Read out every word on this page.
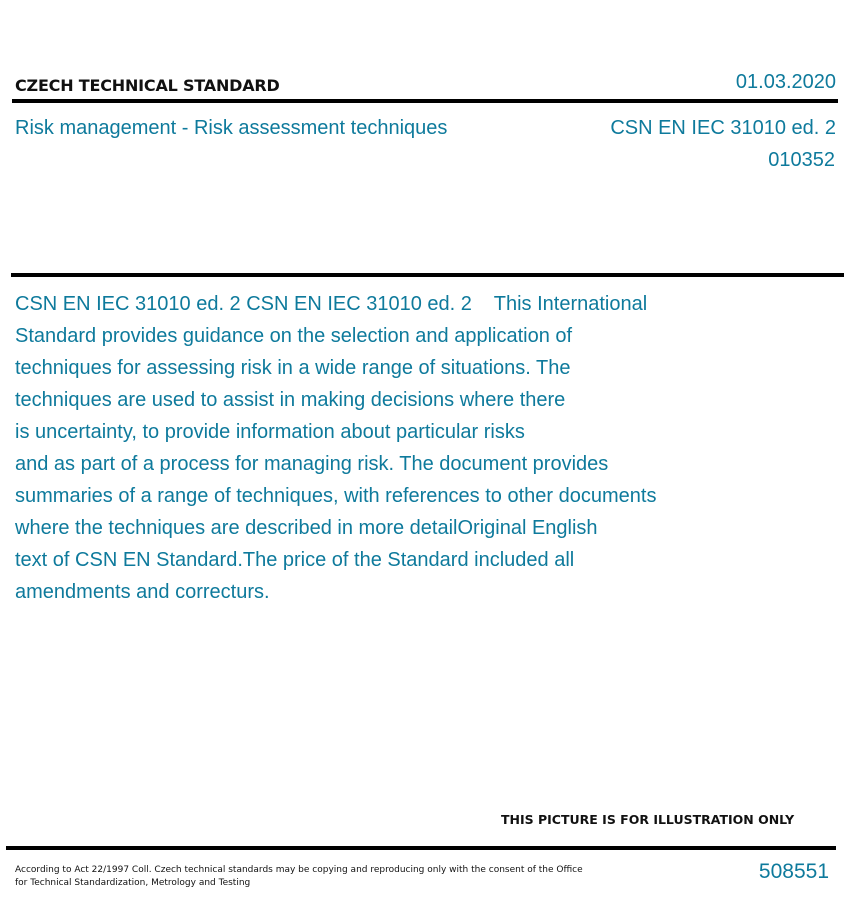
CZECH TECHNICAL STANDARD	01.03.2020
Risk management - Risk assessment techniques	CSN EN IEC 31010 ed. 2
010352
CSN EN IEC 31010 ed. 2 CSN EN IEC 31010 ed. 2    This International
Standard provides guidance on the selection and application of
techniques for assessing risk in a wide range of situations. The
techniques are used to assist in making decisions where there
is uncertainty, to provide information about particular risks
and as part of a process for managing risk. The document provides
summaries of a range of techniques, with references to other documents
where the techniques are described in more detailOriginal English
text of CSN EN Standard.The price of the Standard included all
amendments and correcturs.
THIS PICTURE IS FOR ILLUSTRATION ONLY
According to Act 22/1997 Coll. Czech technical standards may be copying and reproducing only with the consent of the Office
for Technical Standardization, Metrology and Testing	508551
